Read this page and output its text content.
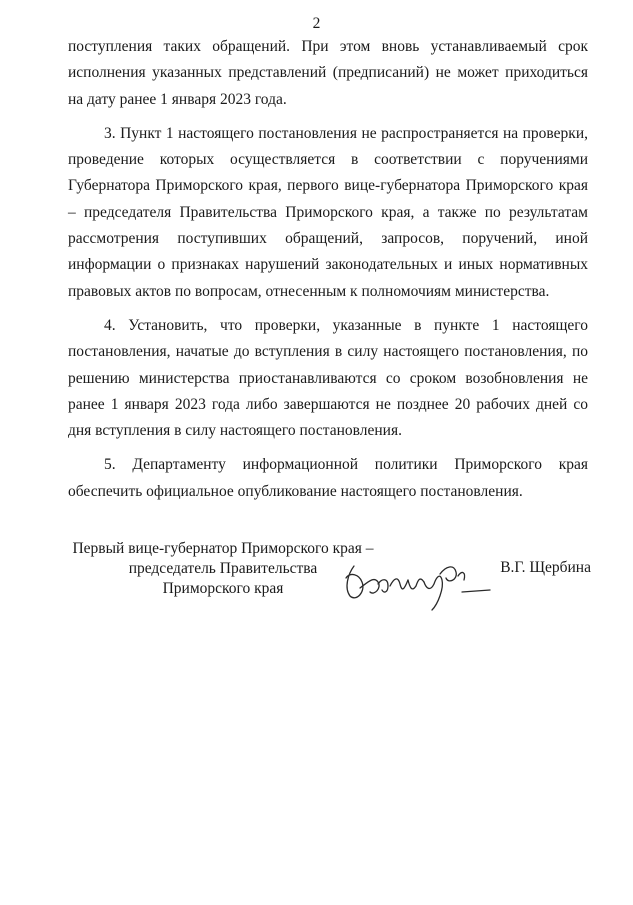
2

поступления таких обращений. При этом вновь устанавливаемый срок исполнения указанных представлений (предписаний) не может приходиться на дату ранее 1 января 2023 года.

3. Пункт 1 настоящего постановления не распространяется на проверки, проведение которых осуществляется в соответствии с поручениями Губернатора Приморского края, первого вице-губернатора Приморского края – председателя Правительства Приморского края, а также по результатам рассмотрения поступивших обращений, запросов, поручений, иной информации о признаках нарушений законодательных и иных нормативных правовых актов по вопросам, отнесенным к полномочиям министерства.

4. Установить, что проверки, указанные в пункте 1 настоящего постановления, начатые до вступления в силу настоящего постановления, по решению министерства приостанавливаются со сроком возобновления не ранее 1 января 2023 года либо завершаются не позднее 20 рабочих дней со дня вступления в силу настоящего постановления.

5. Департаменту информационной политики Приморского края обеспечить официальное опубликование настоящего постановления.

Первый вице-губернатор Приморского края –
председатель Правительства
Приморского края
В.Г. Щербина
